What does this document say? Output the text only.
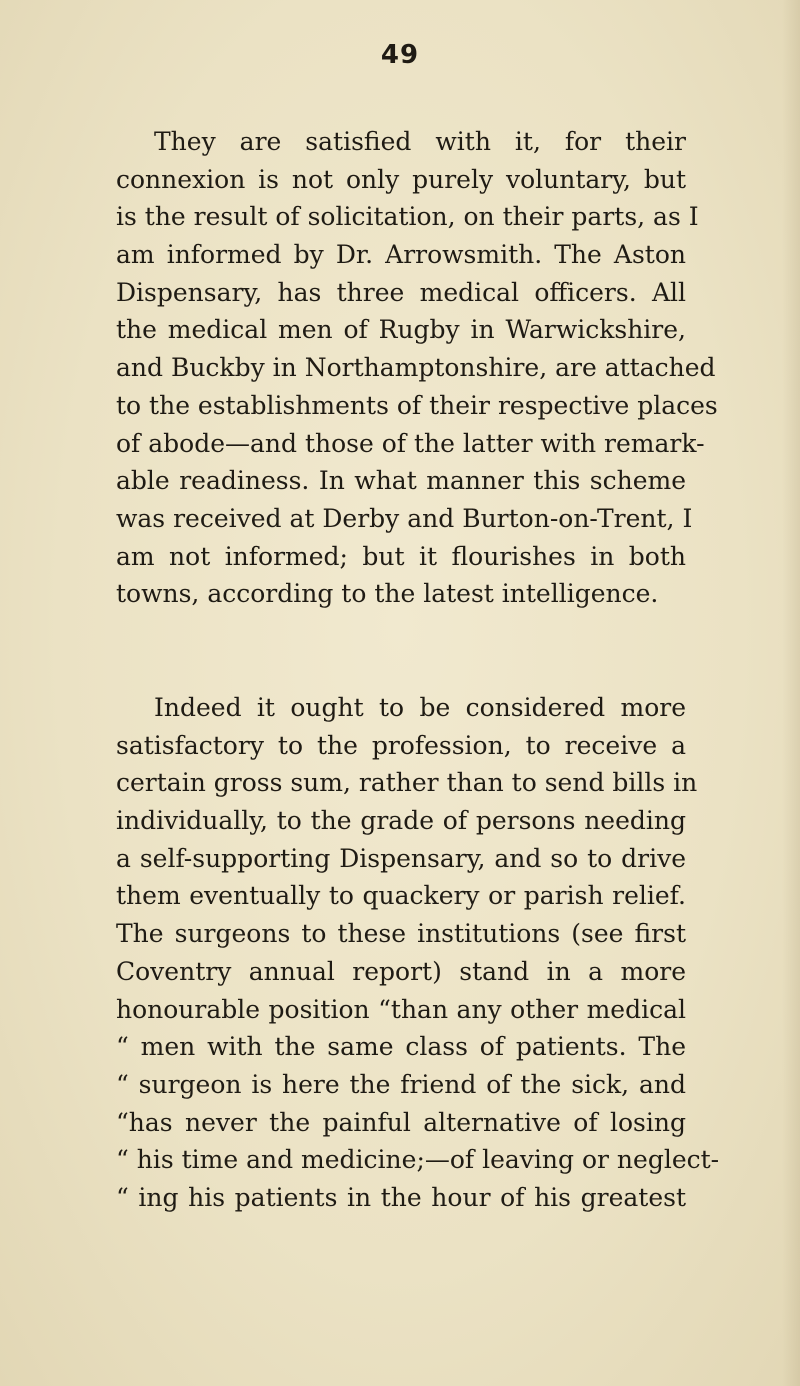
49
They are satisfied with it, for their
connexion is not only purely voluntary, but
is the result of solicitation, on their parts, as I
am informed by Dr. Arrowsmith. The Aston
Dispensary, has three medical officers. All
the medical men of Rugby in Warwickshire,
and Buckby in Northamptonshire, are attached
to the establishments of their respective places
of abode—and those of the latter with remark-
able readiness. In what manner this scheme
was received at Derby and Burton-on-Trent, I
am not informed; but it flourishes in both
towns, according to the latest intelligence.
Indeed it ought to be considered more
satisfactory to the profession, to receive a
certain gross sum, rather than to send bills in
individually, to the grade of persons needing
a self-supporting Dispensary, and so to drive
them eventually to quackery or parish relief.
The surgeons to these institutions (see first
Coventry annual report) stand in a more
honourable position “than any other medical
“ men with the same class of patients. The
“ surgeon is here the friend of the sick, and
“has never the painful alternative of losing
“ his time and medicine;—of leaving or neglect-
“ ing his patients in the hour of his greatest
